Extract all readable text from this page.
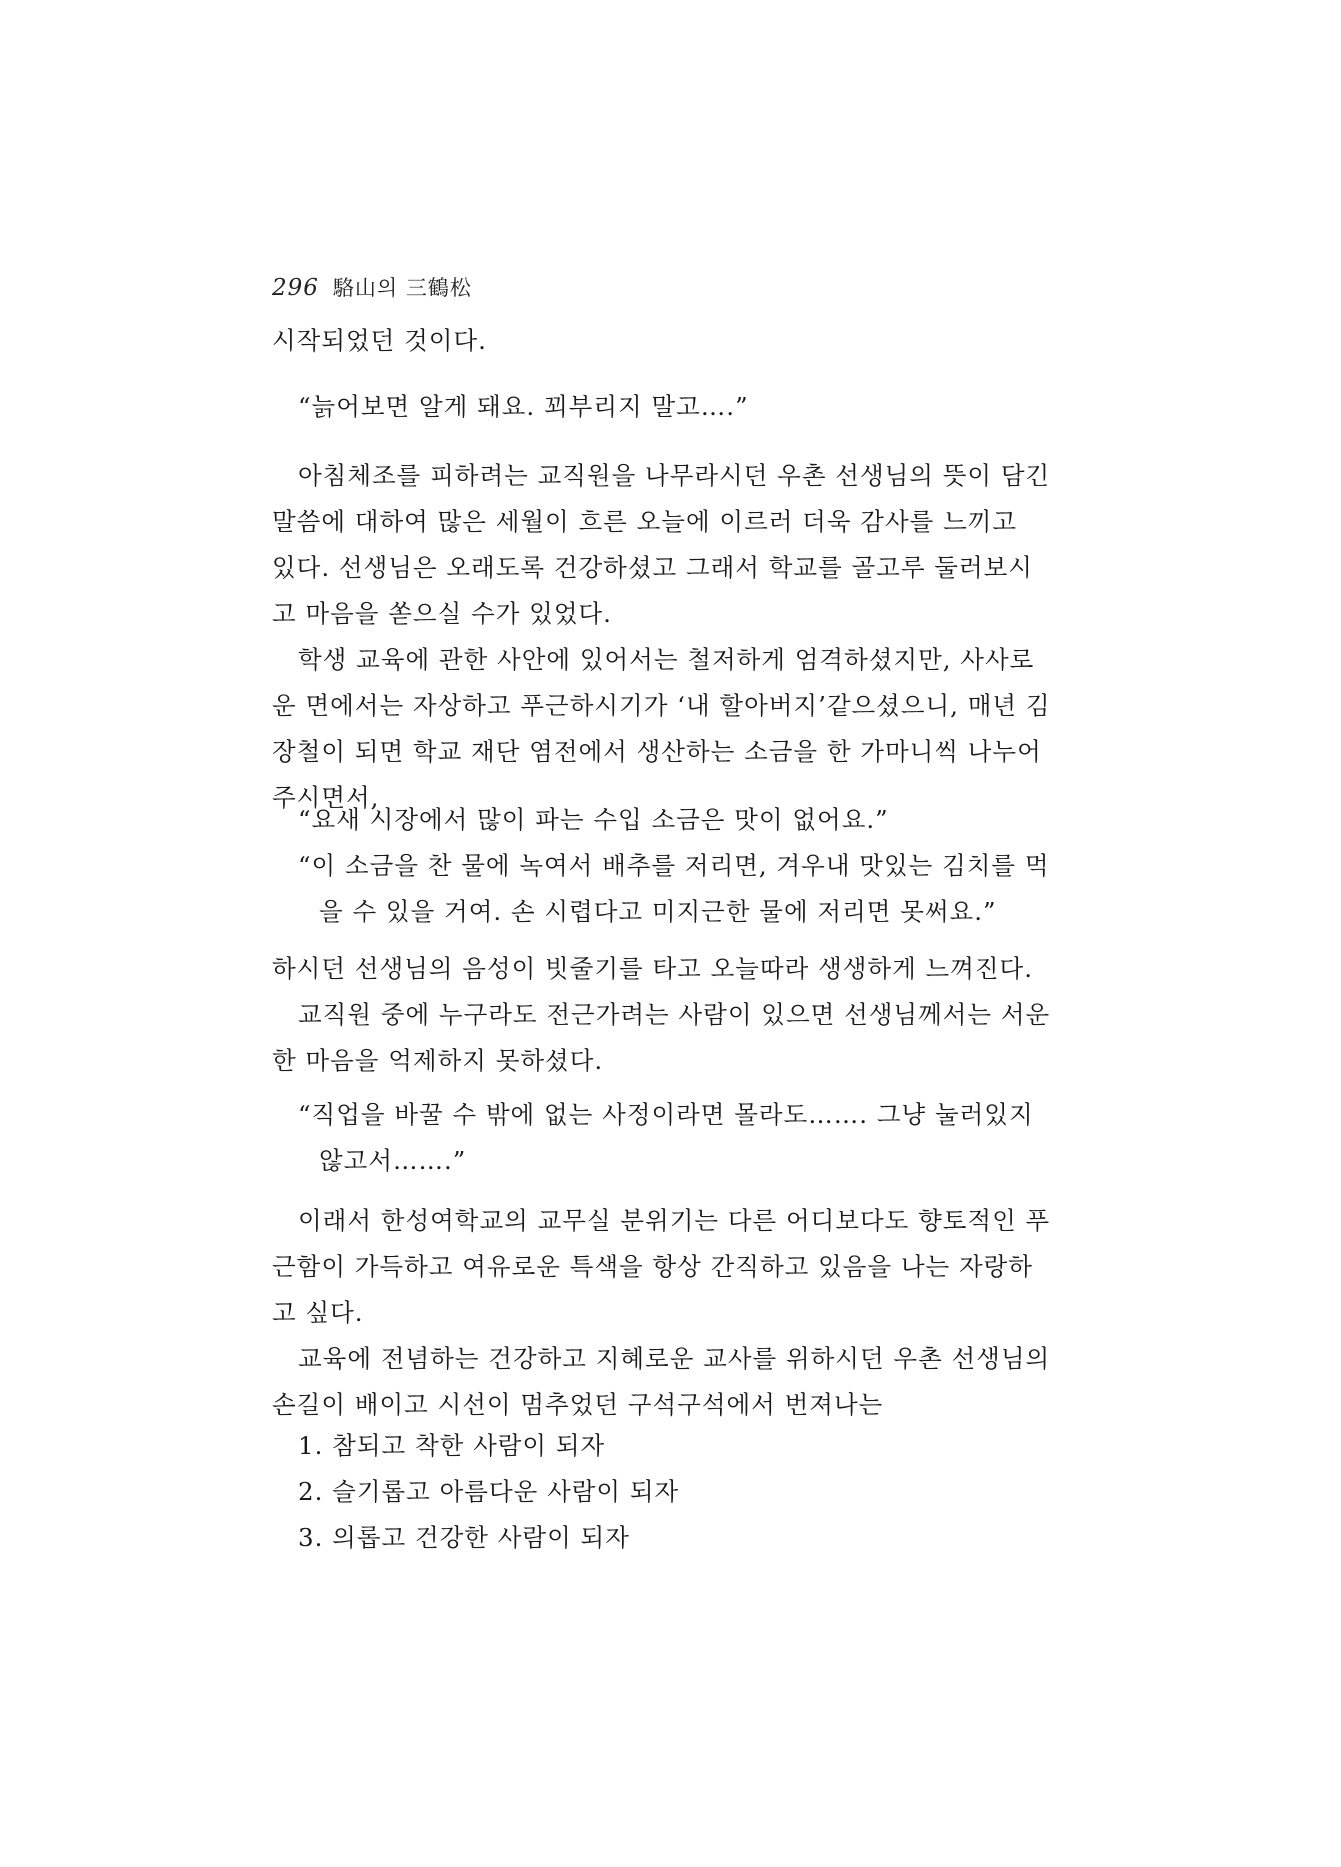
296 駱山의 三鶴松
시작되었던 것이다.
“늙어보면 알게 돼요. 꾀부리지 말고….”
아침체조를 피하려는 교직원을 나무라시던 우촌 선생님의 뜻이 담긴
말씀에 대하여 많은 세월이 흐른 오늘에 이르러 더욱 감사를 느끼고
있다. 선생님은 오래도록 건강하셨고 그래서 학교를 골고루 둘러보시
고 마음을 쏟으실 수가 있었다.
학생 교육에 관한 사안에 있어서는 철저하게 엄격하셨지만, 사사로
운 면에서는 자상하고 푸근하시기가 ‘내 할아버지’같으셨으니, 매년 김
장철이 되면 학교 재단 염전에서 생산하는 소금을 한 가마니씩 나누어
주시면서,
“요새 시장에서 많이 파는 수입 소금은 맛이 없어요.”
“이 소금을 찬 물에 녹여서 배추를 저리면, 겨우내 맛있는 김치를 먹
을 수 있을 거여. 손 시렵다고 미지근한 물에 저리면 못써요.”
하시던 선생님의 음성이 빗줄기를 타고 오늘따라 생생하게 느껴진다.
교직원 중에 누구라도 전근가려는 사람이 있으면 선생님께서는 서운
한 마음을 억제하지 못하셨다.
“직업을 바꿀 수 밖에 없는 사정이라면 몰라도……. 그냥 눌러있지
않고서…….”
이래서 한성여학교의 교무실 분위기는 다른 어디보다도 향토적인 푸
근함이 가득하고 여유로운 특색을 항상 간직하고 있음을 나는 자랑하
고 싶다.
교육에 전념하는 건강하고 지혜로운 교사를 위하시던 우촌 선생님의
손길이 배이고 시선이 멈추었던 구석구석에서 번져나는
1. 참되고 착한 사람이 되자
2. 슬기롭고 아름다운 사람이 되자
3. 의롭고 건강한 사람이 되자
